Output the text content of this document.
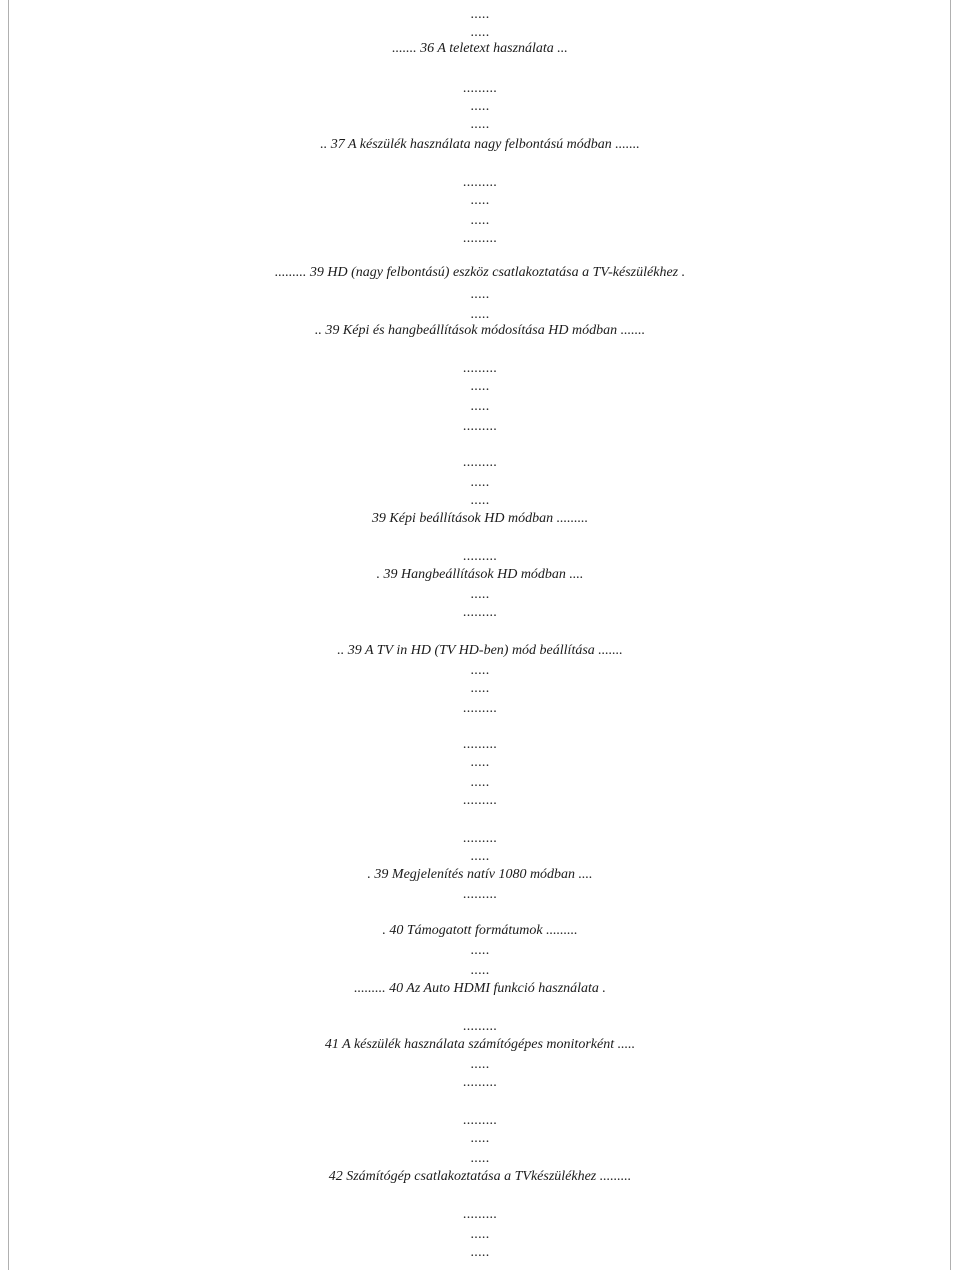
.....
.....
....... 36 A teletext használata ...
.........
.....
.....
.. 37 A készülék használata nagy felbontású módban .......
.........
.....
.....
.........
......... 39 HD (nagy felbontású) eszköz csatlakoztatása a TV-készülékhez .
.....
.....
.. 39 Képi és hangbeállítások módosítása HD módban .......
.........
.....
.....
.........
.........
.....
.....
39 Képi beállítások HD módban .........
.........
. 39 Hangbeállítások HD módban ....
.....
.........
.. 39 A TV in HD (TV HD-ben) mód beállítása .......
.....
.....
.........
.........
.....
.....
.........
.........
.....
. 39 Megjelenítés natív 1080 módban ....
.........
. 40 Támogatott formátumok .........
.....
.....
......... 40 Az Auto HDMI funkció használata .
.........
41 A készülék használata számítógépes monitorként .....
.....
.........
.........
.....
.....
42 Számítógép csatlakoztatása a TVkészülékhez .........
.........
.....
.....
